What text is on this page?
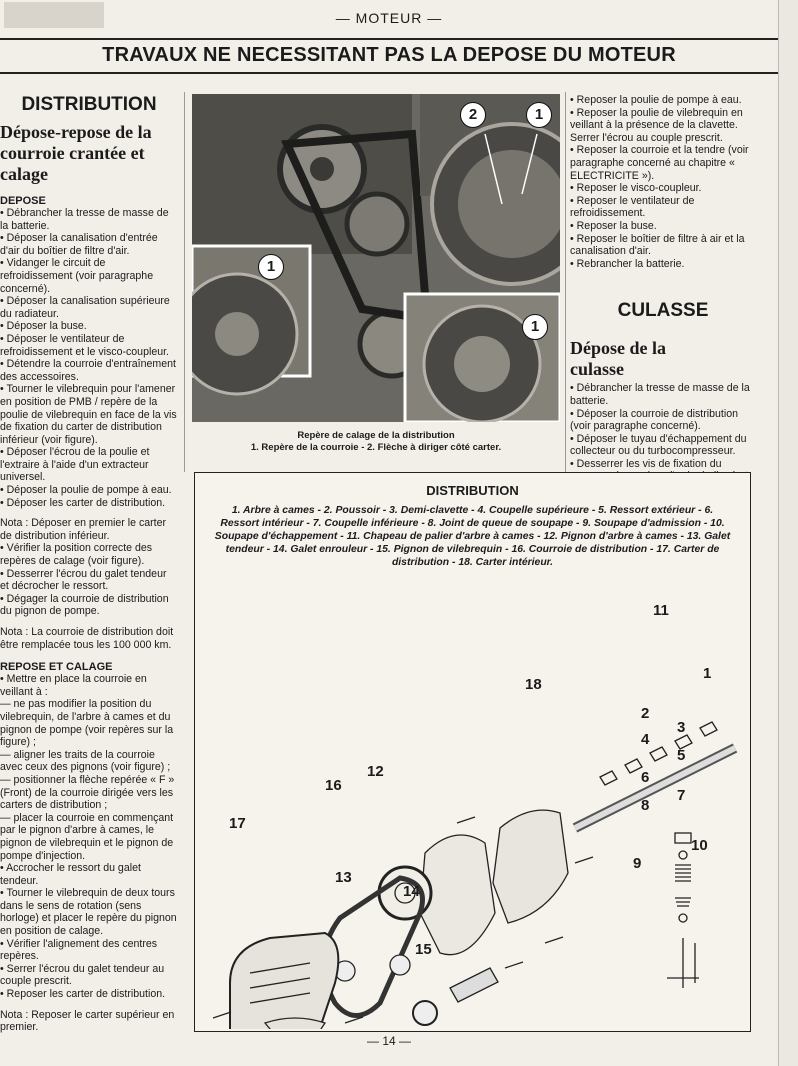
— MOTEUR —
TRAVAUX NE NECESSITANT PAS LA DEPOSE DU MOTEUR
DISTRIBUTION
Dépose-repose de la courroie crantée et calage
DEPOSE

• Débrancher la tresse de masse de la batterie.

• Déposer la canalisation d'entrée d'air du boîtier de filtre d'air.

• Vidanger le circuit de refroidissement (voir paragraphe concerné).

• Déposer la canalisation supérieure du radiateur.

• Déposer la buse.

• Déposer le ventilateur de refroidissement et le visco-coupleur.

• Détendre la courroie d'entraînement des accessoires.

• Tourner le vilebrequin pour l'amener en position de PMB / repère de la poulie de vilebrequin en face de la vis de fixation du carter de distribution inférieur (voir figure).

• Déposer l'écrou de la poulie et l'extraire à l'aide d'un extracteur universel.

• Déposer la poulie de pompe à eau.

• Déposer les carter de distribution.

Nota : Déposer en premier le carter de distribution inférieur.

• Vérifier la position correcte des repères de calage (voir figure).

• Desserrer l'écrou du galet tendeur et décrocher le ressort.

• Dégager la courroie de distribution du pignon de pompe.

Nota : La courroie de distribution doit être remplacée tous les 100 000 km.
REPOSE ET CALAGE

• Mettre en place la courroie en veillant à :

— ne pas modifier la position du vilebrequin, de l'arbre à cames et du pignon de pompe (voir repères sur la figure) ;

— aligner les traits de la courroie avec ceux des pignons (voir figure) ;

— positionner la flèche repérée « F » (Front) de la courroie dirigée vers les carters de distribution ;

— placer la courroie en commençant par le pignon d'arbre à cames, le pignon de vilebrequin et le pignon de pompe d'injection.

• Accrocher le ressort du galet tendeur.

• Tourner le vilebrequin de deux tours dans le sens de rotation (sens horloge) et placer le repère du pignon en position de calage.

• Vérifier l'alignement des centres repères.

• Serrer l'écrou du galet tendeur au couple prescrit.

• Reposer les carter de distribution.

Nota : Reposer le carter supérieur en premier.
2	1
1
1
Repère de calage de la distribution
1. Repère de la courroie - 2. Flèche à diriger côté carter.

• Reposer la poulie de pompe à eau.

• Reposer la poulie de vilebrequin en veillant à la présence de la clavette. Serrer l'écrou au couple prescrit.

• Reposer la courroie et la tendre (voir paragraphe concerné au chapitre « ELECTRICITE »).

• Reposer le visco-coupleur.

• Reposer le ventilateur de refroidissement.

• Reposer la buse.

• Reposer le boîtier de filtre à air et la canalisation d'air.

• Rebrancher la batterie.

CULASSE
Dépose de la culasse

• Débrancher la tresse de masse de la batterie.

• Déposer la courroie de distribution (voir paragraphe concerné).

• Déposer le tuyau d'échappement du collecteur ou du turbocompresseur.

• Desserrer les vis de fixation du

DISTRIBUTION
1. Arbre à cames - 2. Poussoir - 3. Demi-clavette - 4. Coupelle supérieure - 5. Ressort extérieur - 6. Ressort intérieur - 7. Coupelle inférieure - 8. Joint de queue de soupape - 9. Soupape d'admission - 10. Soupape d'échappement - 11. Chapeau de palier d'arbre à cames - 12. Pignon d'arbre à cames - 13. Galet tendeur - 14. Galet enrouleur - 15. Pignon de vilebrequin - 16. Courroie de distribution - 17. Carter de distribution - 18. Carter intérieur.
11
1
18
2
3
4
5
6
7
8
10
9
12
16
17
13
14
15
— 14 —
